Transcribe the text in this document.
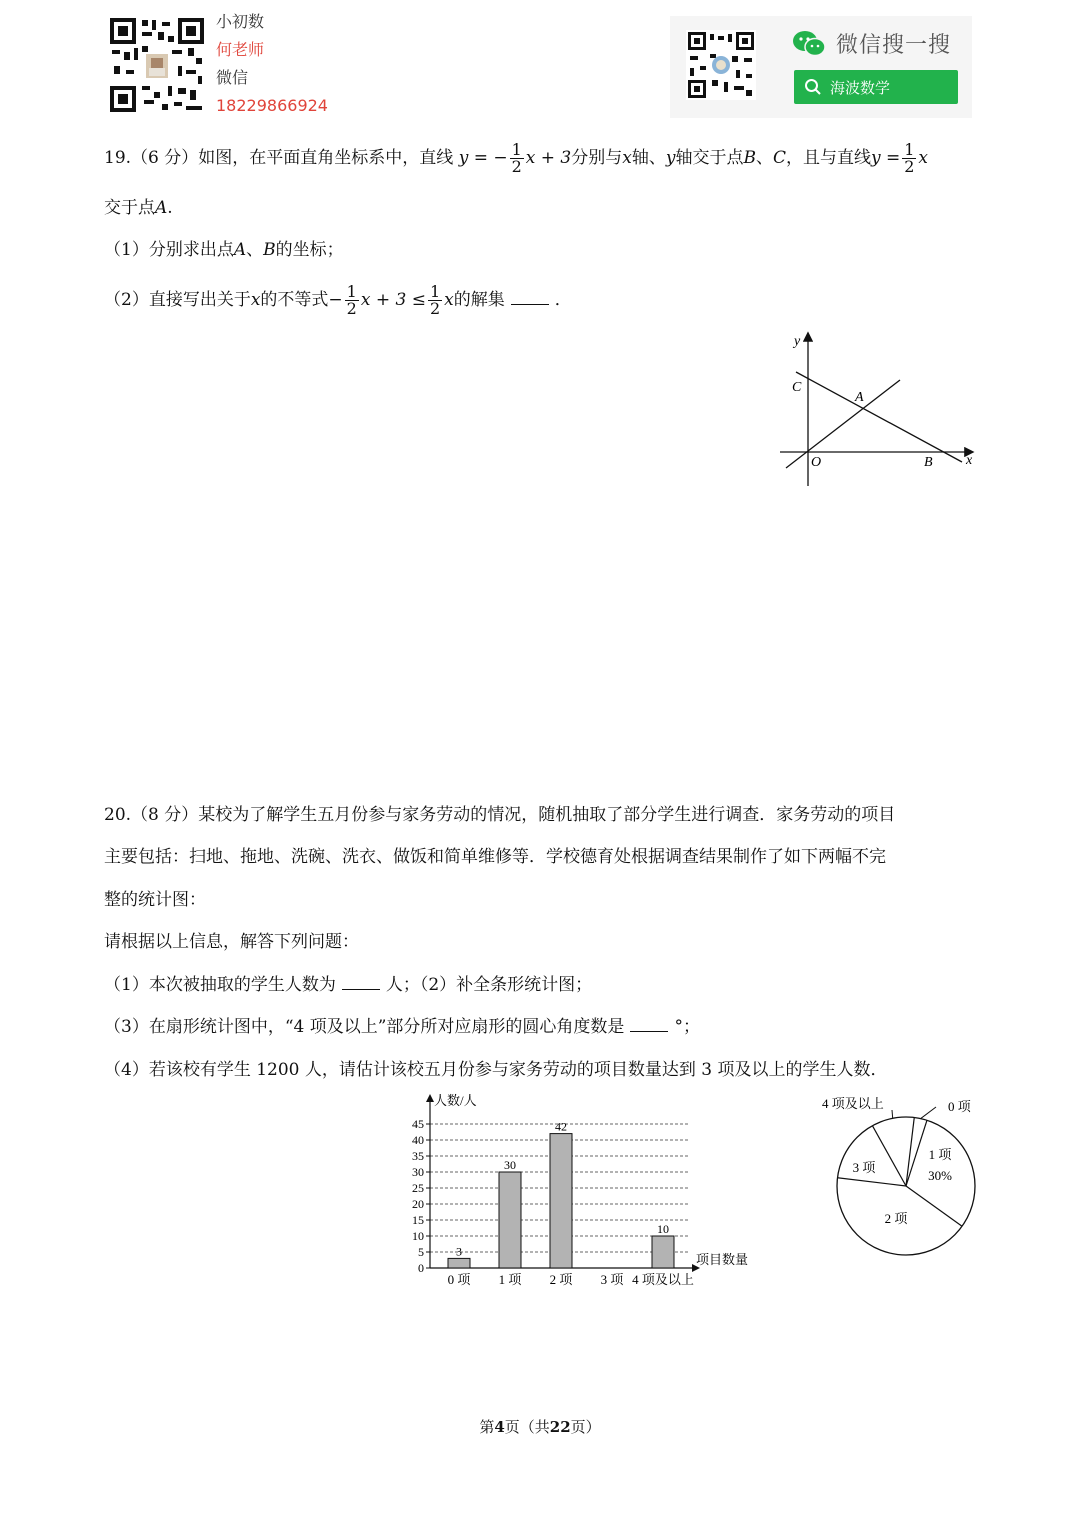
小初数
何老师
微信
18229866924
微信搜一搜
海波数学
19.（6 分）如图，在平面直角坐标系中，直线 y = − $\frac{1}{2}$ x + 3分别与x轴、y轴交于点B、C，且与直线$y = \frac{1}{2}$ x
交于点A.
（1）分别求出点A、B的坐标；
（2）直接写出关于x的不等式− $\frac{1}{2}$ $x + 3 \le \frac{1}{2}$ x的解集	．
y
x
C
A
O	B
20.（8 分）某校为了解学生五月份参与家务劳动的情况，随机抽取了部分学生进行调查．家务劳动的项目
主要包括：扫地、拖地、洗碗、洗衣、做饭和简单维修等．学校德育处根据调查结果制作了如下两幅不完
整的统计图：
请根据以上信息，解答下列问题：
（1）本次被抽取的学生人数为	人；（2）补全条形统计图；
（3）在扇形统计图中，“4 项及以上”部分所对应扇形的圆心角度数是	°；
（4）若该校有学生 1200 人，请估计该校五月份参与家务劳动的项目数量达到 3 项及以上的学生人数．
0
5
10
15
20
25
30
35
40
45
人数/人
项目数量
3
0 项
30
1 项
42
2 项 3 项
10
4 项及以上
0 项
4 项及以上
1 项
30%
2 项
3 项
第4页（共22页）
